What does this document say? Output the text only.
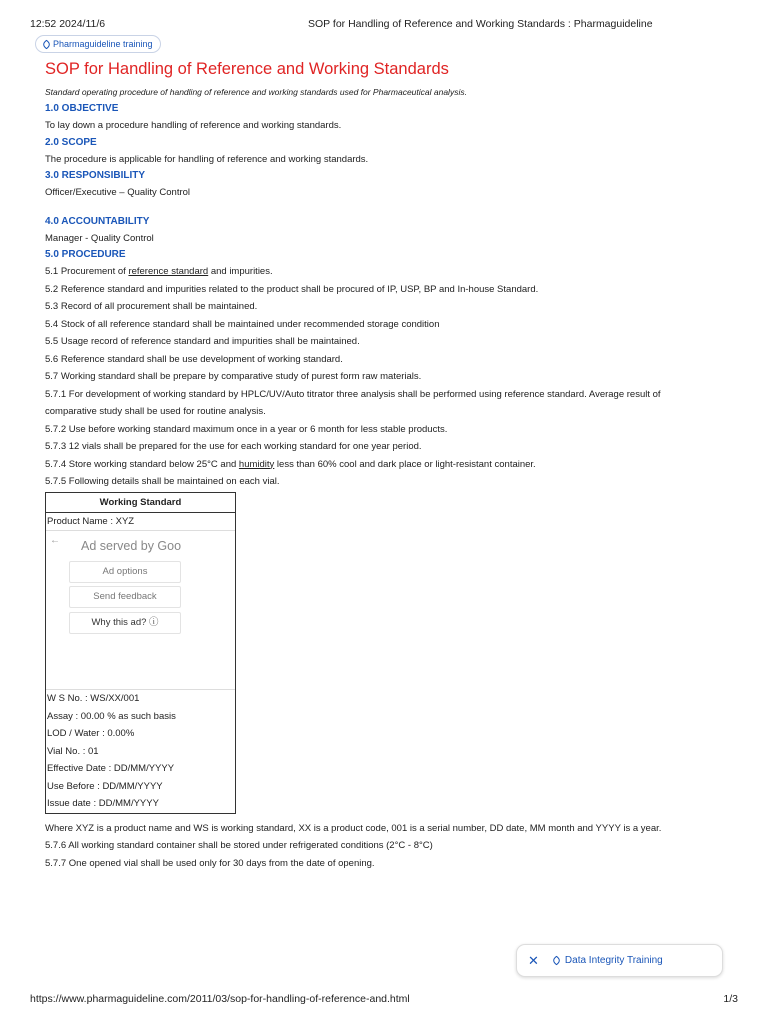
12:52 2024/11/6	SOP for Handling of Reference and Working Standards : Pharmaguideline
Pharmaguideline training
SOP for Handling of Reference and Working Standards

Standard operating procedure of handling of reference and working standards used for Pharmaceutical analysis.

1.0 OBJECTIVE

To lay down a procedure handling of reference and working standards.

2.0 SCOPE

The procedure is applicable for handling of reference and working standards.

3.0 RESPONSIBILITY

Officer/Executive – Quality Control

4.0 ACCOUNTABILITY

Manager - Quality Control

5.0 PROCEDURE

5.1 Procurement of reference standard and impurities.

5.2 Reference standard and impurities related to the product shall be procured of IP, USP, BP and In-house Standard.

5.3 Record of all procurement shall be maintained.

5.4 Stock of all reference standard shall be maintained under recommended storage condition

5.5 Usage record of reference standard and impurities shall be maintained.

5.6 Reference standard shall be use development of working standard.

5.7 Working standard shall be prepare by comparative study of purest form raw materials.

5.7.1 For development of working standard by HPLC/UV/Auto titrator three analysis shall be performed using reference standard. Average result of

comparative study shall be used for routine analysis.

5.7.2 Use before working standard maximum once in a year or 6 month for less stable products.

5.7.3 12 vials shall be prepared for the use for each working standard for one year period.

5.7.4 Store working standard below 25°C and humidity less than 60% cool and dark place or light-resistant container.

5.7.5 Following details shall be maintained on each vial.

Working Standard
Product Name : XYZ
← Ad served by Goo
Ad options
Send feedback
Why this ad? ⓘ
W S No. : WS/XX/001
Assay : 00.00 % as such basis
LOD / Water : 0.00%
Vial No. : 01
Effective Date : DD/MM/YYYY
Use Before : DD/MM/YYYY
Issue date : DD/MM/YYYY

Where XYZ is a product name and WS is working standard, XX is a product code, 001 is a serial number, DD date, MM month and YYYY is a year.

5.7.6 All working standard container shall be stored under refrigerated conditions (2°C - 8°C)

5.7.7 One opened vial shall be used only for 30 days from the date of opening.

✕	Data Integrity Training
https://www.pharmaguideline.com/2011/03/sop-for-handling-of-reference-and.html	1/3
